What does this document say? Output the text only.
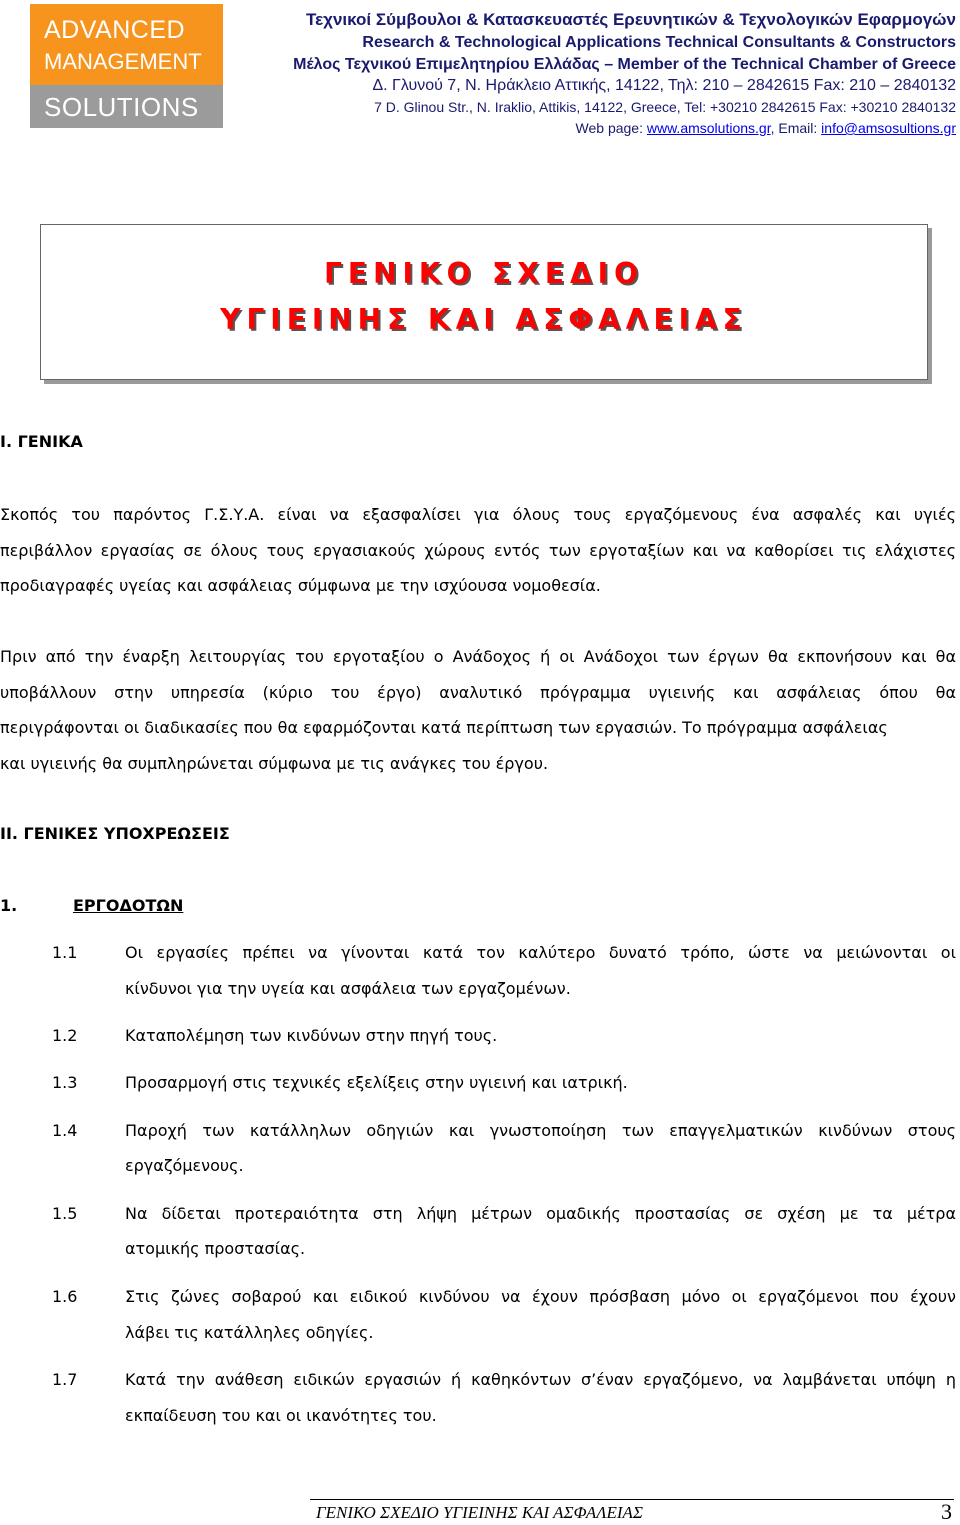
ADVANCED
MANAGEMENT
SOLUTIONS
Τεχνικοί Σύμβουλοι & Κατασκευαστές Ερευνητικών & Τεχνολογικών Εφαρμογών
Research & Technological Applications Technical Consultants & Constructors
Μέλος Τεχνικού Επιμελητηρίου Ελλάδας – Member of the Technical Chamber of Greece
Δ. Γλυνού 7, Ν. Ηράκλειο Αττικής, 14122, Τηλ: 210 – 2842615 Fax: 210 – 2840132
7 D. Glinou Str., N. Iraklio, Attikis, 14122, Greece, Tel: +30210 2842615 Fax: +30210 2840132
Web page: www.amsolutions.gr, Email: info@amsosultions.gr
ΓΕΝΙΚΟ ΣΧΕΔΙΟ
ΥΓΙΕΙΝΗΣ ΚΑΙ ΑΣΦΑΛΕΙΑΣ
Ι. ΓΕΝΙΚΑ
Σκοπός του παρόντος Γ.Σ.Υ.Α. είναι να εξασφαλίσει για όλους τους εργαζόμενους ένα ασφαλές και υγιές
περιβάλλον εργασίας σε όλους τους εργασιακούς χώρους εντός των εργοταξίων και να καθορίσει τις ελάχιστες
προδιαγραφές υγείας και ασφάλειας σύμφωνα με την ισχύουσα νομοθεσία.
Πριν από την έναρξη λειτουργίας του εργοταξίου ο Ανάδοχος ή οι Ανάδοχοι των έργων θα εκπονήσουν και θα
υποβάλλουν στην υπηρεσία (κύριο του έργο) αναλυτικό πρόγραμμα υγιεινής και ασφάλειας όπου θα
περιγράφονται οι διαδικασίες που θα εφαρμόζονται κατά περίπτωση των εργασιών. Το πρόγραμμα ασφάλειας
και υγιεινής θα συμπληρώνεται σύμφωνα με τις ανάγκες του έργου.
ΙΙ. ΓΕΝΙΚΕΣ ΥΠΟΧΡΕΩΣΕΙΣ
1.	ΕΡΓΟΔΟΤΩΝ
1.1	Οι εργασίες πρέπει να γίνονται κατά τον καλύτερο δυνατό τρόπο, ώστε να μειώνονται οι
κίνδυνοι για την υγεία και ασφάλεια των εργαζομένων.
1.2	Καταπολέμηση των κινδύνων στην πηγή τους.
1.3	Προσαρμογή στις τεχνικές εξελίξεις στην υγιεινή και ιατρική.
1.4	Παροχή των κατάλληλων οδηγιών και γνωστοποίηση των επαγγελματικών κινδύνων στους
εργαζόμενους.
1.5	Να δίδεται προτεραιότητα στη λήψη μέτρων ομαδικής προστασίας σε σχέση με τα μέτρα
ατομικής προστασίας.
1.6	Στις ζώνες σοβαρού και ειδικού κινδύνου να έχουν πρόσβαση μόνο οι εργαζόμενοι που έχουν
λάβει τις κατάλληλες οδηγίες.
1.7	Κατά την ανάθεση ειδικών εργασιών ή καθηκόντων σ’έναν εργαζόμενο, να λαμβάνεται υπόψη η
εκπαίδευση του και οι ικανότητες του.
ΓΕΝΙΚΟ ΣΧΕΔΙΟ ΥΓΙΕΙΝΗΣ ΚΑΙ ΑΣΦΑΛΕΙΑΣ	3
